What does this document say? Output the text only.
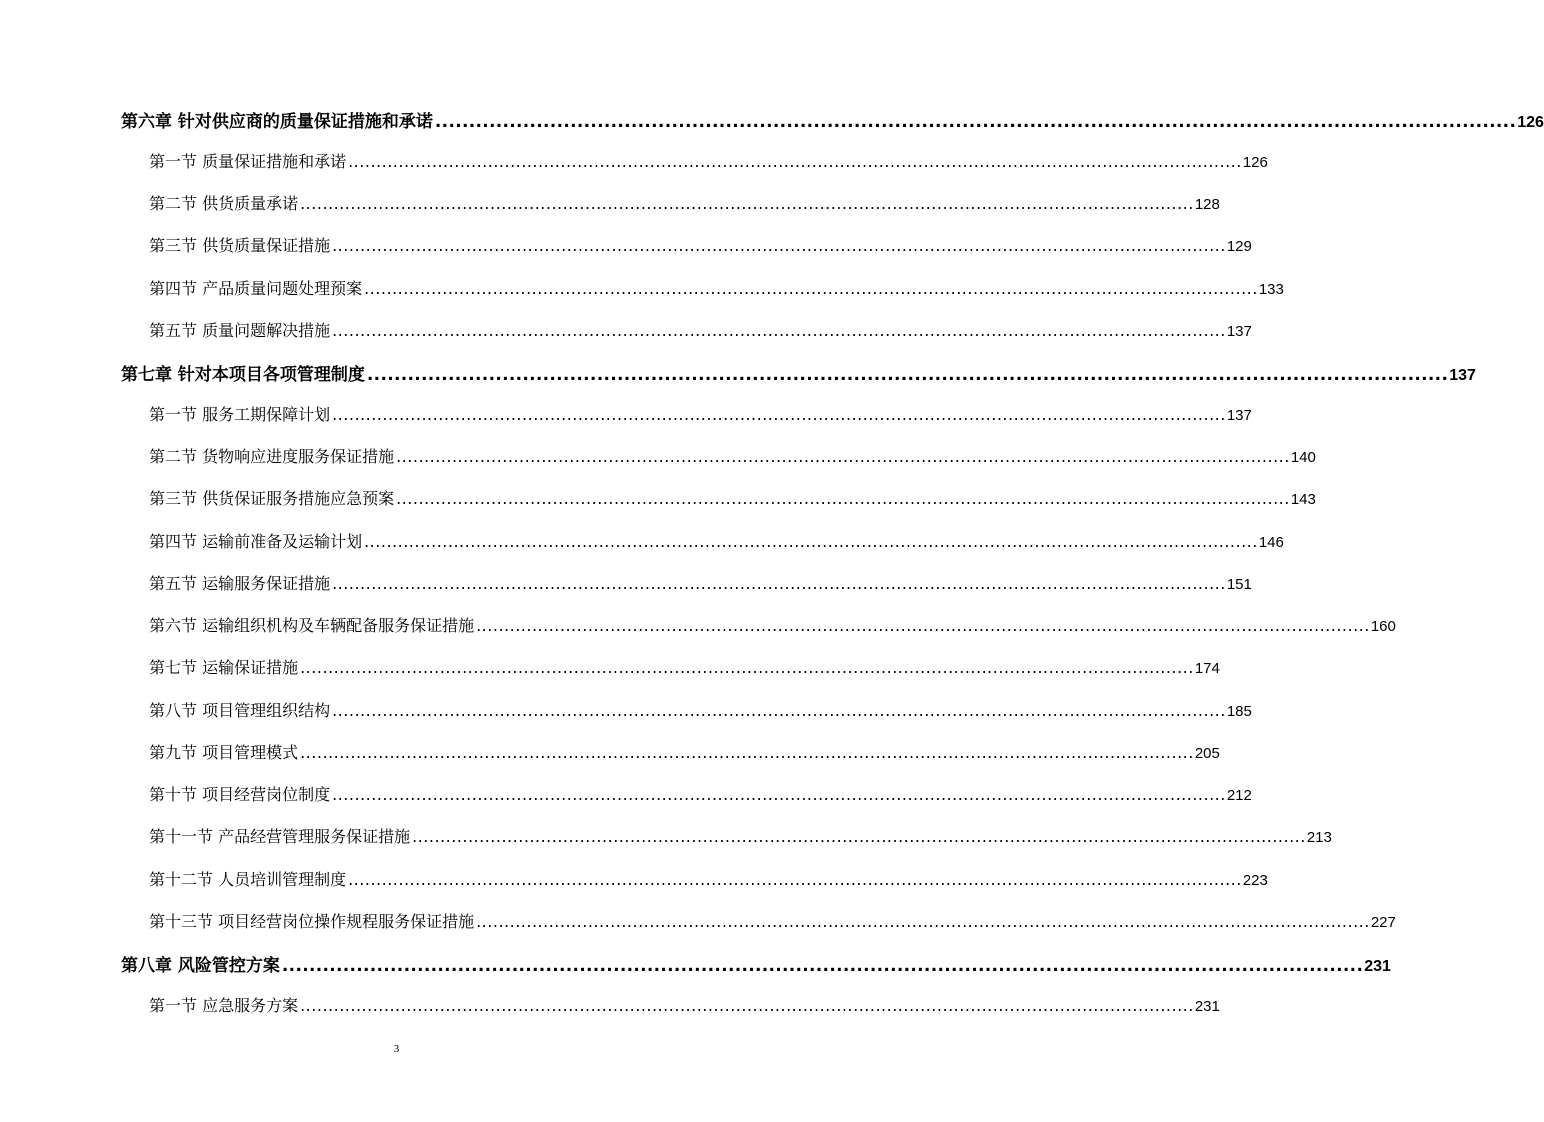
第六章 针对供应商的质量保证措施和承诺 ................................................................................................................................................................ 126
第一节 质量保证措施和承诺 ................................................................................................................................................................ 126
第二节 供货质量承诺 ................................................................................................................................................................ 128
第三节 供货质量保证措施 ................................................................................................................................................................ 129
第四节 产品质量问题处理预案 ................................................................................................................................................................ 133
第五节 质量问题解决措施 ................................................................................................................................................................ 137
第七章 针对本项目各项管理制度 ................................................................................................................................................................ 137
第一节 服务工期保障计划 ................................................................................................................................................................ 137
第二节 货物响应进度服务保证措施 ................................................................................................................................................................ 140
第三节 供货保证服务措施应急预案 ................................................................................................................................................................ 143
第四节 运输前准备及运输计划 ................................................................................................................................................................ 146
第五节 运输服务保证措施 ................................................................................................................................................................ 151
第六节 运输组织机构及车辆配备服务保证措施 ................................................................................................................................................................ 160
第七节 运输保证措施 ................................................................................................................................................................ 174
第八节 项目管理组织结构 ................................................................................................................................................................ 185
第九节 项目管理模式 ................................................................................................................................................................ 205
第十节 项目经营岗位制度 ................................................................................................................................................................ 212
第十一节 产品经营管理服务保证措施 ................................................................................................................................................................ 213
第十二节 人员培训管理制度 ................................................................................................................................................................ 223
第十三节 项目经营岗位操作规程服务保证措施 ................................................................................................................................................................ 227
第八章 风险管控方案 ................................................................................................................................................................ 231
第一节 应急服务方案 ................................................................................................................................................................ 231
3
